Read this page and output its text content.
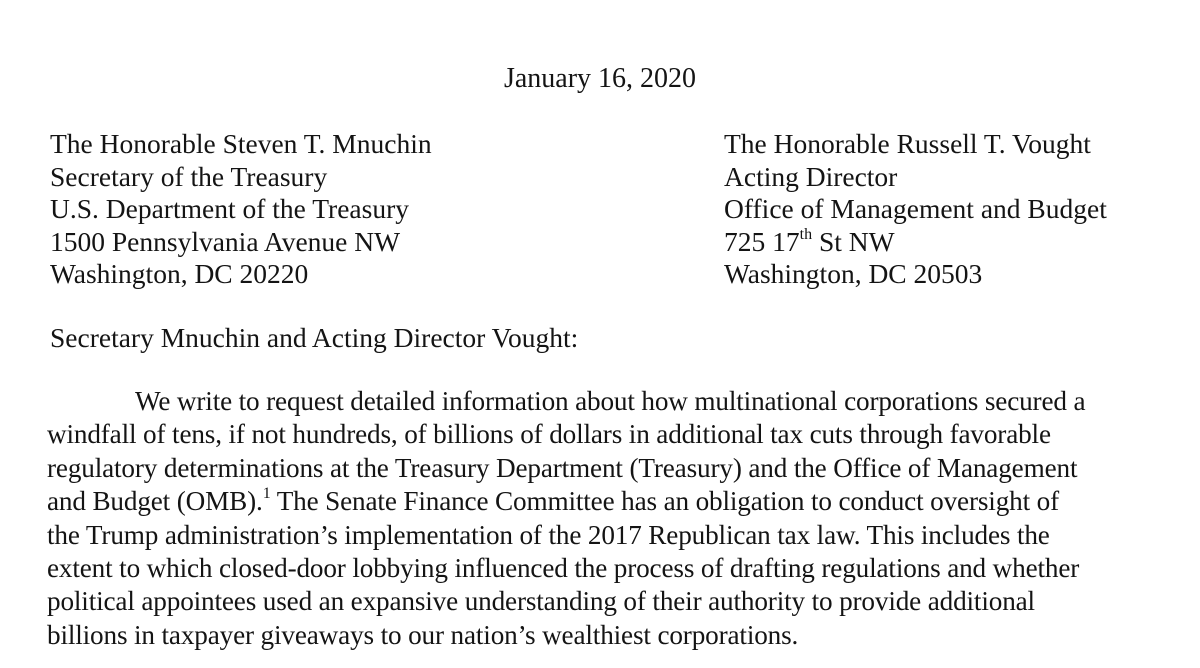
January 16, 2020
The Honorable Steven T. Mnuchin
Secretary of the Treasury
U.S. Department of the Treasury
1500 Pennsylvania Avenue NW
Washington, DC 20220
The Honorable Russell T. Vought
Acting Director
Office of Management and Budget
725 17th St NW
Washington, DC 20503
Secretary Mnuchin and Acting Director Vought:
We write to request detailed information about how multinational corporations secured a
windfall of tens, if not hundreds, of billions of dollars in additional tax cuts through favorable
regulatory determinations at the Treasury Department (Treasury) and the Office of Management
and Budget (OMB).$^1$ The Senate Finance Committee has an obligation to conduct oversight of
the Trump administration’s implementation of the 2017 Republican tax law. This includes the
extent to which closed-door lobbying influenced the process of drafting regulations and whether
political appointees used an expansive understanding of their authority to provide additional
billions in taxpayer giveaways to our nation’s wealthiest corporations.
